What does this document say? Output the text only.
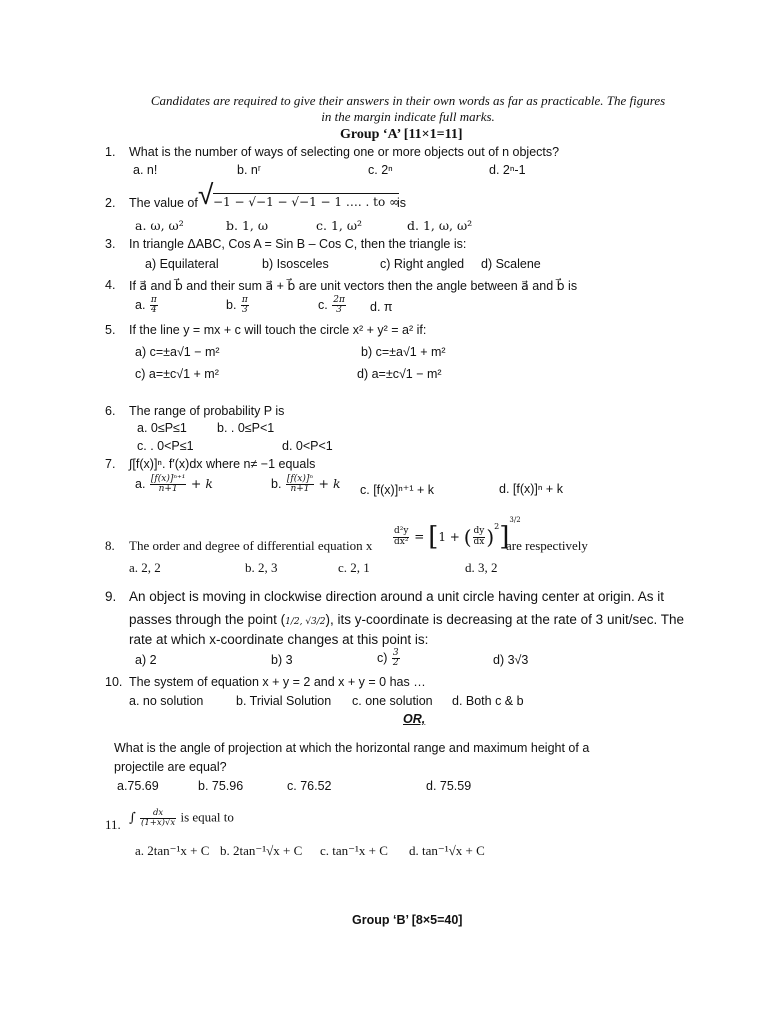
Candidates are required to give their answers in their own words as far as practicable. The figures in the margin indicate full marks.
Group ‘A’ [11×1=11]
1. What is the number of ways of selecting one or more objects out of n objects?
a. n!	b. nʳ	c. 2ⁿ	d. 2ⁿ-1
2. The value of √ −1 − √−1 − √−1 − 1 …. . to ∞
is
a. ω, ω²	b. 1, ω	c. 1, ω²	d. 1, ω, ω²
3. In triangle ΔABC, Cos A = Sin B – Cos C, then the triangle is:
a) Equilateral	b) Isosceles	c) Right angled d) Scalene
4. If a⃗ and b⃗ and their sum a⃗ + b⃗ are unit vectors then the angle between a⃗ and b⃗ is
a. $\frac{\pi}{4}$	b. $\frac{\pi}{3}$	c. $\frac{2\pi}{3} d$. π
5. If the line y = mx + c will touch the circle x² + y² = a² if:
a) c=±a√1 − m²	b) c=±a√1 + m²
c) a=±c√1 + m²	d) a=±c√1 − m²
6. The range of probability P is
a. 0≤P≤1 b. . 0≤P<1
c. . 0<P≤1	d. 0<P<1
7. ∫[f(x)]ⁿ. f′(x)dx where n≠ −1 equals
a. $\frac{\text{[f(x)]ⁿ⁺¹}}{n+1} + k$	b. $\frac{\text{[f(x)]ⁿ}}{n+1} + k$ c. [f(x)]ⁿ⁺¹ + k	d. [f(x)]ⁿ + k
8. The order and degree of differential equation x $\frac{\text{d²y}}{\text{dx²}} = [1$ + ( $\frac{dy}{dx} )^2]^{3/2}$
are respectively
a. 2, 2	b. 2, 3	c. 2, 1	d. 3, 2
9. An object is moving in clockwise direction around a unit circle having center at origin. As it
passes through the point (1/2, √3/2), its y-coordinate is decreasing at the rate of 3 unit/sec. The
rate at which x-coordinate changes at this point is:
a) 2	b) 3	$c) \frac{3}{2}$	d) 3√3
10. The system of equation x + y = 2 and x + y = 0 has …
a. no solution	b. Trivial Solution c. one solution d. Both c & b
OR,
What is the angle of projection at which the horizontal range and maximum height of a
projectile are equal?
a.75.69	b. 75.96	c. 76.52	d. 75.59
11. ∫ $\frac{dx}{(1+x)√x}$ is equal to
a. 2tan⁻¹x + C b. 2tan⁻¹√x + C c. tan⁻¹x + C d. tan⁻¹√x + C
Group ‘B’ [8×5=40]
